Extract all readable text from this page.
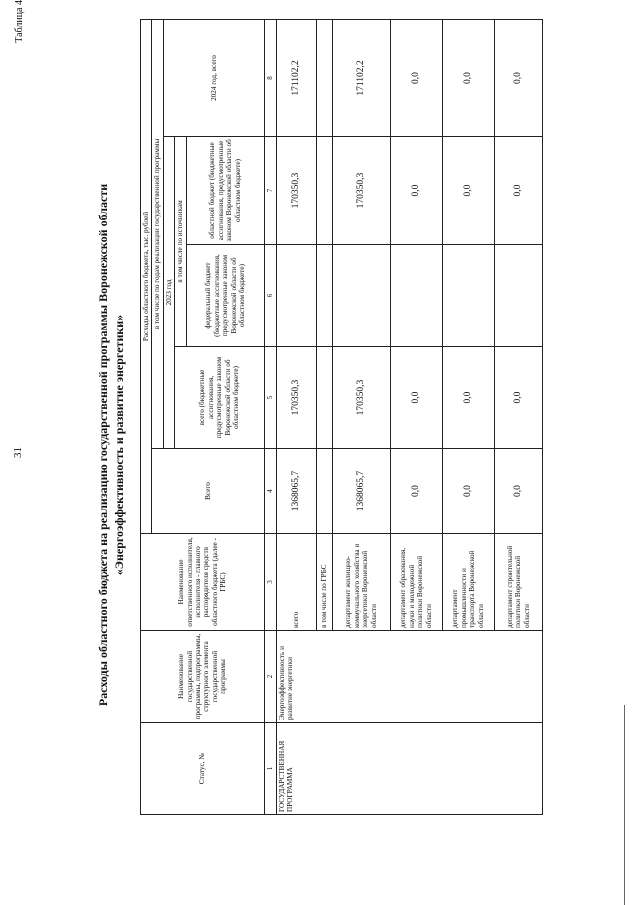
31
Таблица 4
Расходы областного бюджета на реализацию государственной программы Воронежской области «Энергоэффективность и развитие энергетики»
Статус, №	Наименование государственной программы, подпрограммы, структурного элемента государственной программы	Наименование ответственного исполнителя, исполнителя - главного распорядителя средств областного бюджета (далее - ГРБС)	Расходы областного бюджета, тыс. рублей				
			Всего	в том числе по годам реализации государственной программы			
				2023 год			2024 год, всего
				всего (бюджетные ассигнования, предусмотренные законом Воронежской области об областном бюджете)	в том числе по источникам		
					федеральный бюджет (бюджетные ассигнования, предусмотренные законом Воронежской области об областном бюджете)	областной бюджет (бюджетные ассигнования, предусмотренные законом Воронежской области об областном бюджете)	
1	2	3	4	5	6	7	8
ГОСУДАРСТВЕННАЯ ПРОГРАММА	Энергоэффективность и развитие энергетики	всего	1368065,7	170350,3		170350,3	171102,2
		в том числе по ГРБС					
		департамент жилищно-коммунального хозяйства и энергетики Воронежской области	1368065,7	170350,3		170350,3	171102,2
		департамент образования, науки и молодежной политики Воронежской области	0,0	0,0		0,0	0,0
		департамент промышленности и транспорта Воронежской области	0,0	0,0		0,0	0,0
		департамент строительной политики Воронежской области	0,0	0,0		0,0	0,0
